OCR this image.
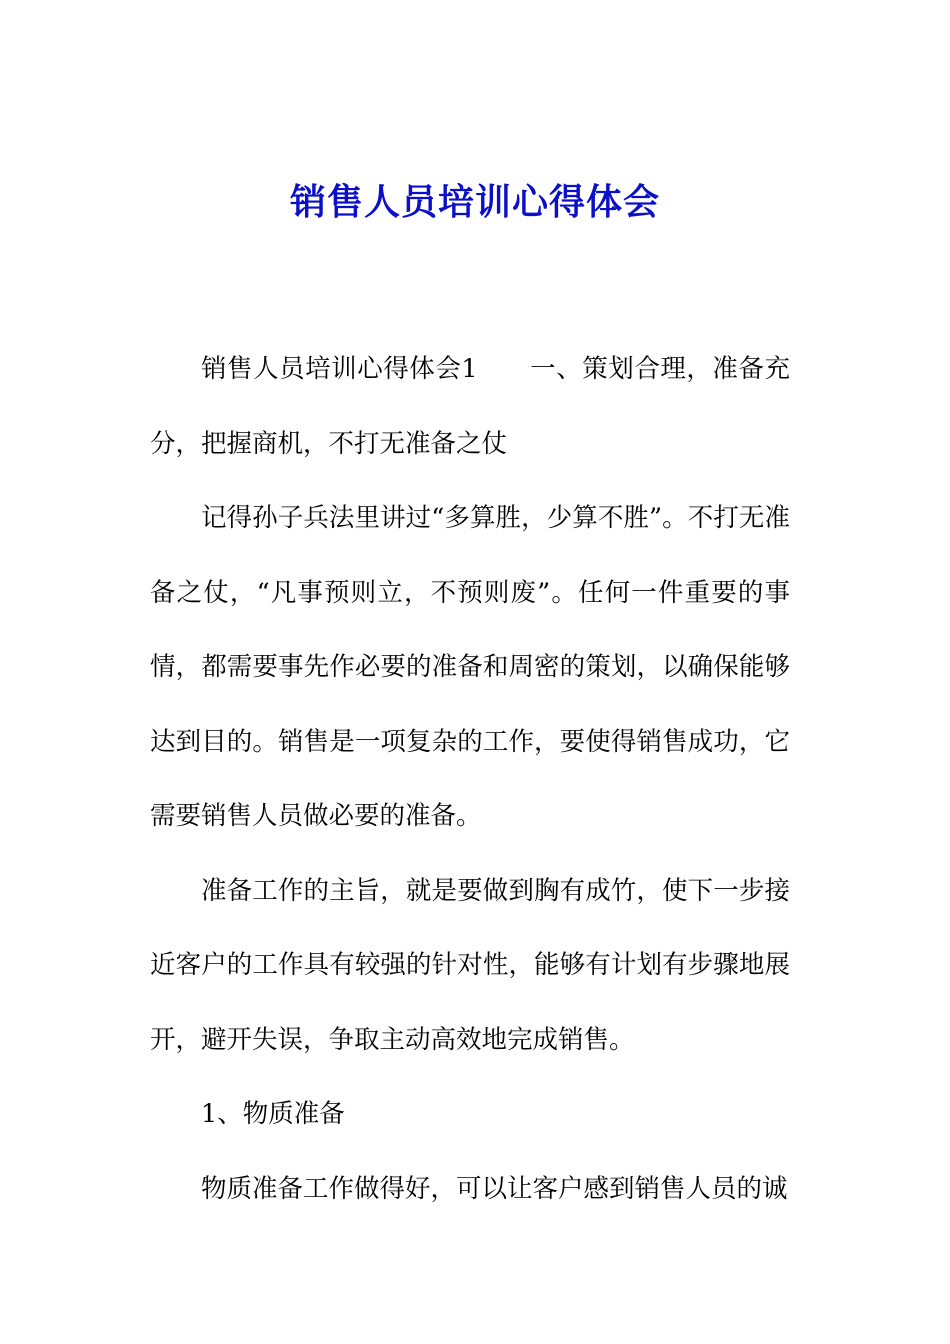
销售人员培训心得体会

销售人员培训心得体会1　　一、策划合理，准备充分，把握商机，不打无准备之仗

记得孙子兵法里讲过“多算胜，少算不胜”。不打无准备之仗，“凡事预则立，不预则废”。任何一件重要的事情，都需要事先作必要的准备和周密的策划，以确保能够达到目的。销售是一项复杂的工作，要使得销售成功，它需要销售人员做必要的准备。

准备工作的主旨，就是要做到胸有成竹，使下一步接近客户的工作具有较强的针对性，能够有计划有步骤地展开，避开失误，争取主动高效地完成销售。

1、物质准备

物质准备工作做得好，可以让客户感到销售人员的诚
